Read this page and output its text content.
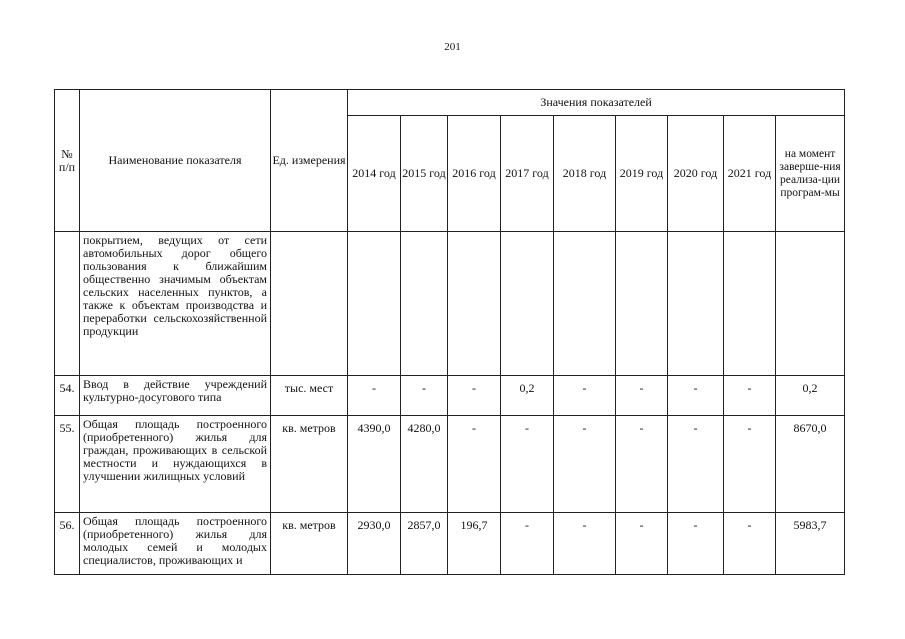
201
№ п/п	Наименование показателя	Ед. измерения	Значения показателей								
			2014 год	2015 год	2016 год	2017 год	2018 год	2019 год	2020 год	2021 год	на момент заверше-ния реализа-ции програм-мы
	покрытием, ведущих от сети автомобильных дорог общего пользования к ближайшим общественно значимым объектам сельских населенных пунктов, а также к объектам производства и переработки сельскохозяйственной продукции										
54.	Ввод в действие учреждений культурно-досугового типа	тыс. мест	-	-	-	0,2	-	-	-	-	0,2
55.	Общая площадь построенного (приобретенного) жилья для граждан, проживающих в сельской местности и нуждающихся в улучшении жилищных условий	кв. метров	4390,0	4280,0	-	-	-	-	-	-	8670,0
56.	Общая площадь построенного (приобретенного) жилья для молодых семей и молодых специалистов, проживающих и	кв. метров	2930,0	2857,0	196,7	-	-	-	-	-	5983,7
